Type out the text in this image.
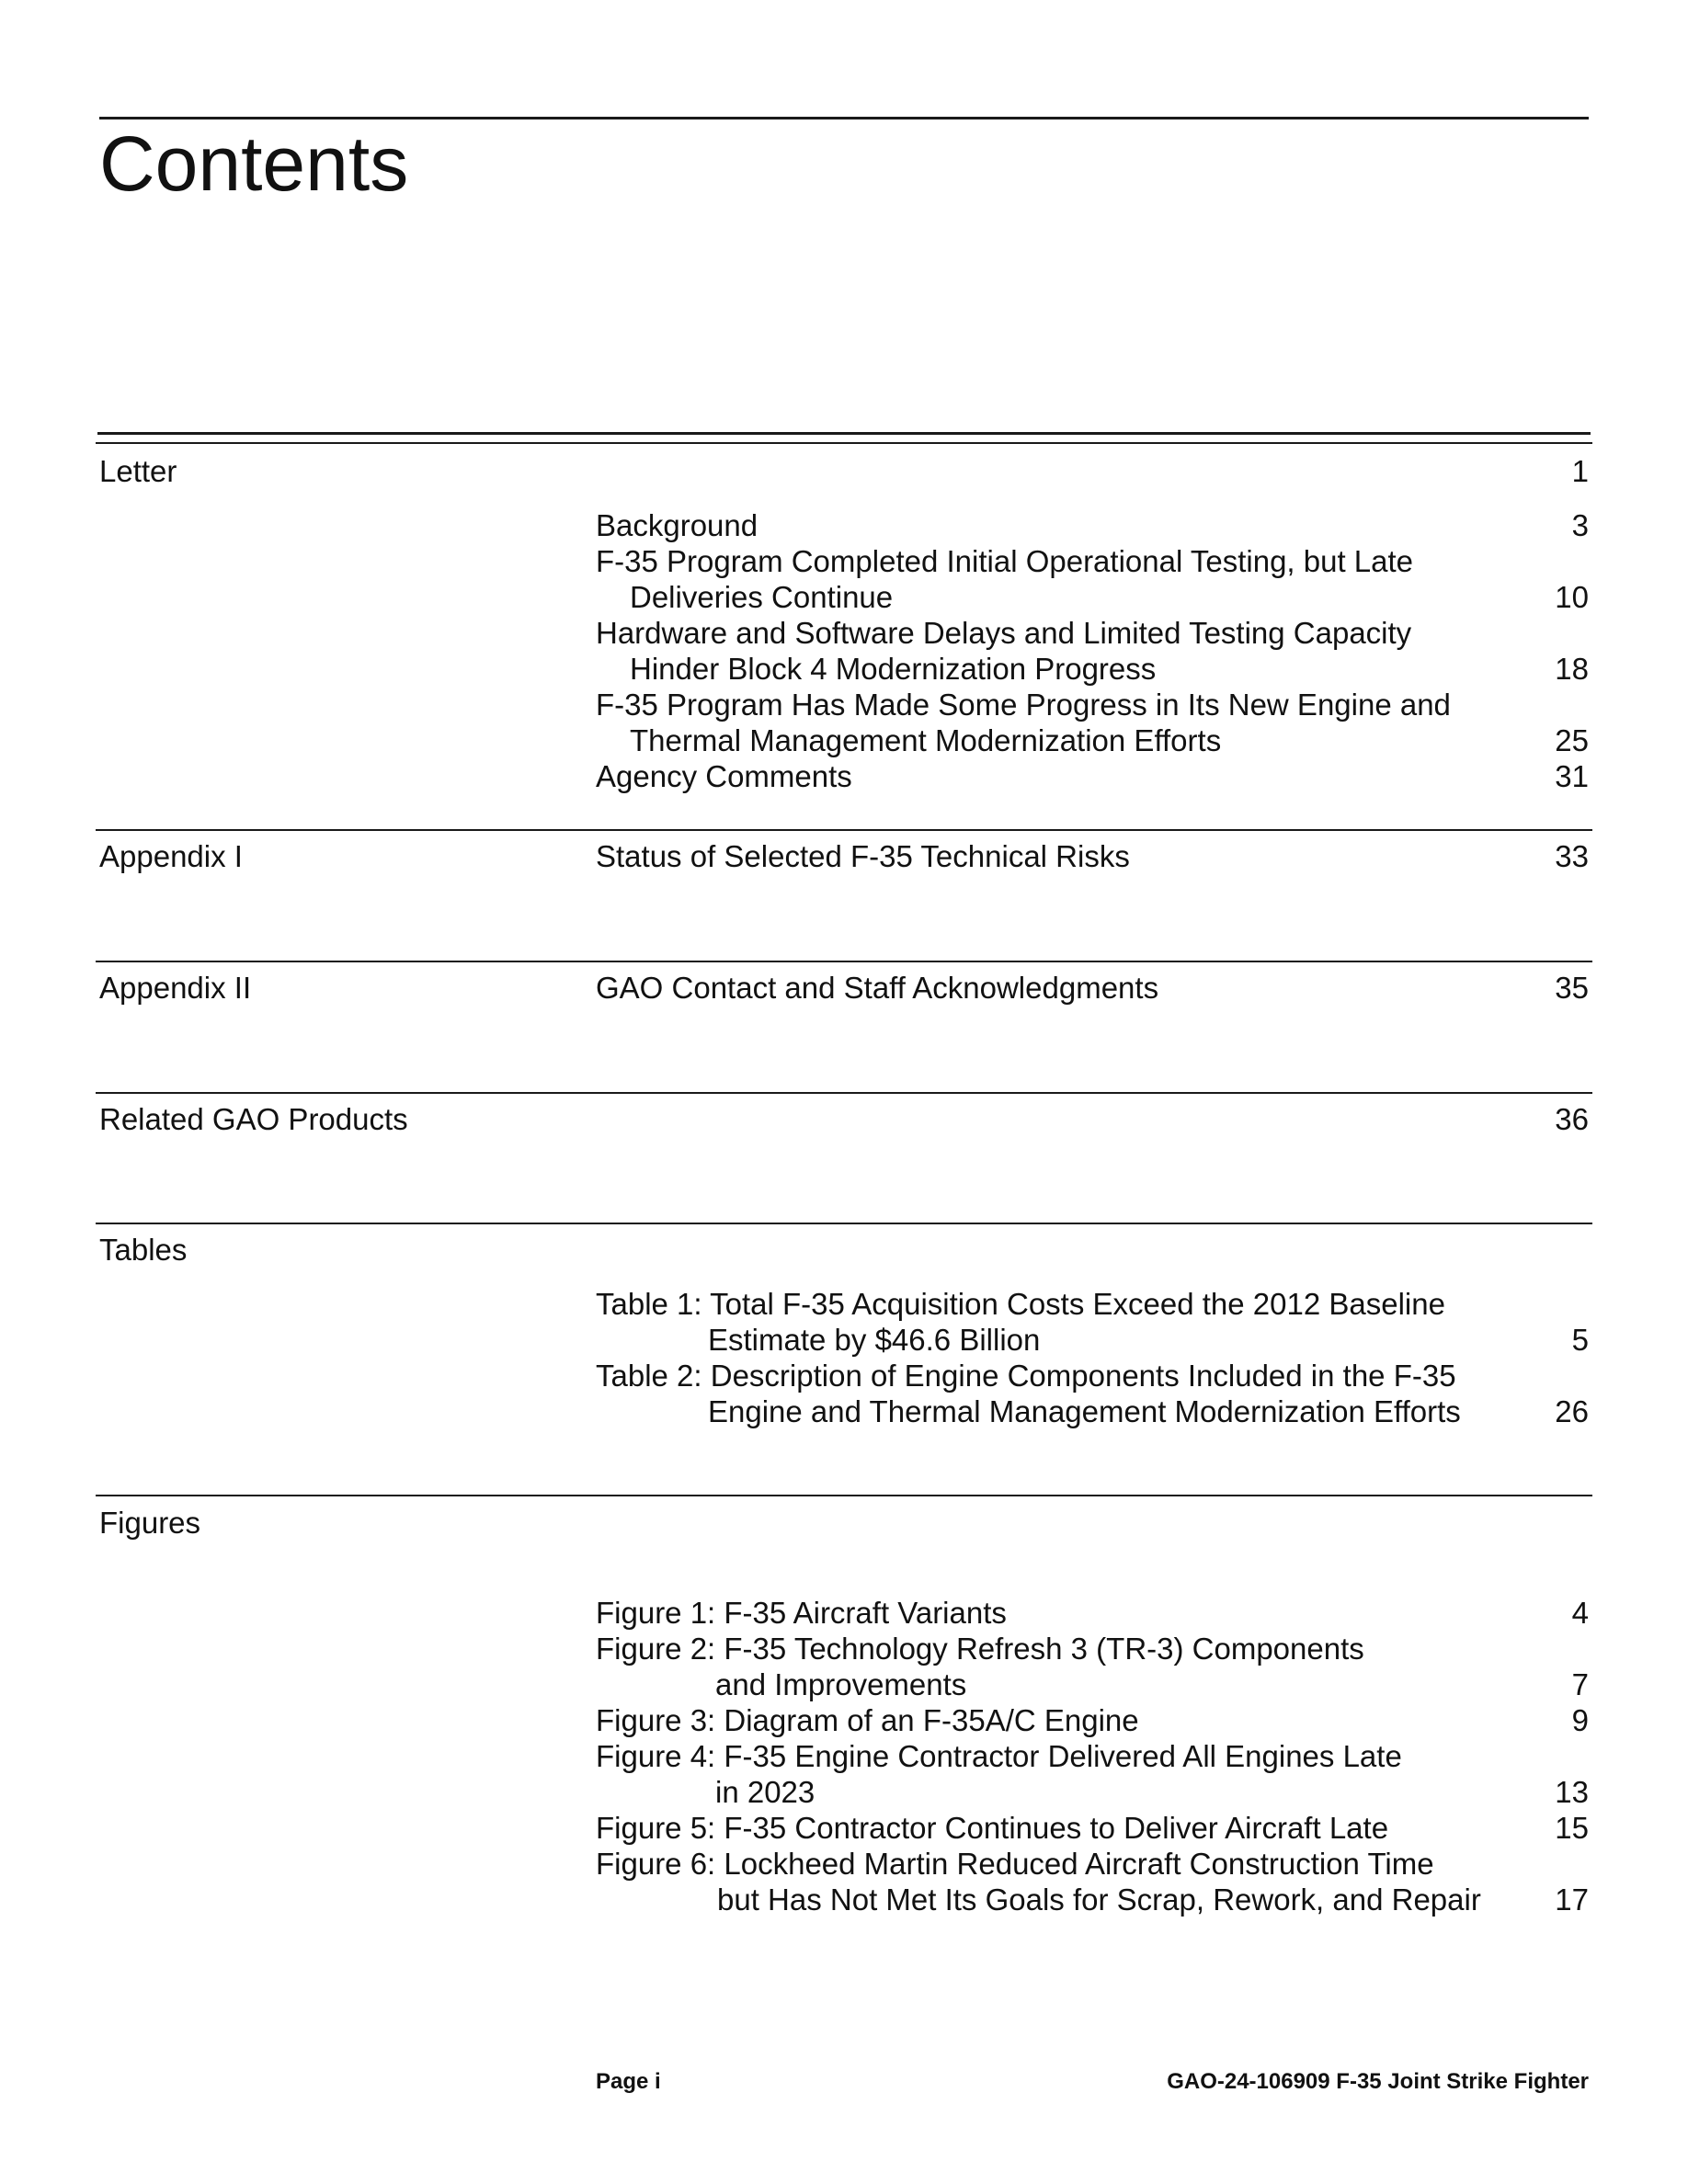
Contents
Letter	1
Background	3
F-35 Program Completed Initial Operational Testing, but Late
Deliveries Continue	10
Hardware and Software Delays and Limited Testing Capacity
Hinder Block 4 Modernization Progress	18
F-35 Program Has Made Some Progress in Its New Engine and
Thermal Management Modernization Efforts	25
Agency Comments	31
Appendix I	Status of Selected F-35 Technical Risks	33
Appendix II	GAO Contact and Staff Acknowledgments	35
Related GAO Products	36
Tables
Table 1: Total F-35 Acquisition Costs Exceed the 2012 Baseline
Estimate by $46.6 Billion	5
Table 2: Description of Engine Components Included in the F-35
Engine and Thermal Management Modernization Efforts	26
Figures
Figure 1: F-35 Aircraft Variants	4
Figure 2: F-35 Technology Refresh 3 (TR-3) Components
and Improvements	7
Figure 3: Diagram of an F-35A/C Engine	9
Figure 4: F-35 Engine Contractor Delivered All Engines Late
in 2023	13
Figure 5: F-35 Contractor Continues to Deliver Aircraft Late	15
Figure 6: Lockheed Martin Reduced Aircraft Construction Time
but Has Not Met Its Goals for Scrap, Rework, and Repair 17
Page i	GAO-24-106909 F-35 Joint Strike Fighter
